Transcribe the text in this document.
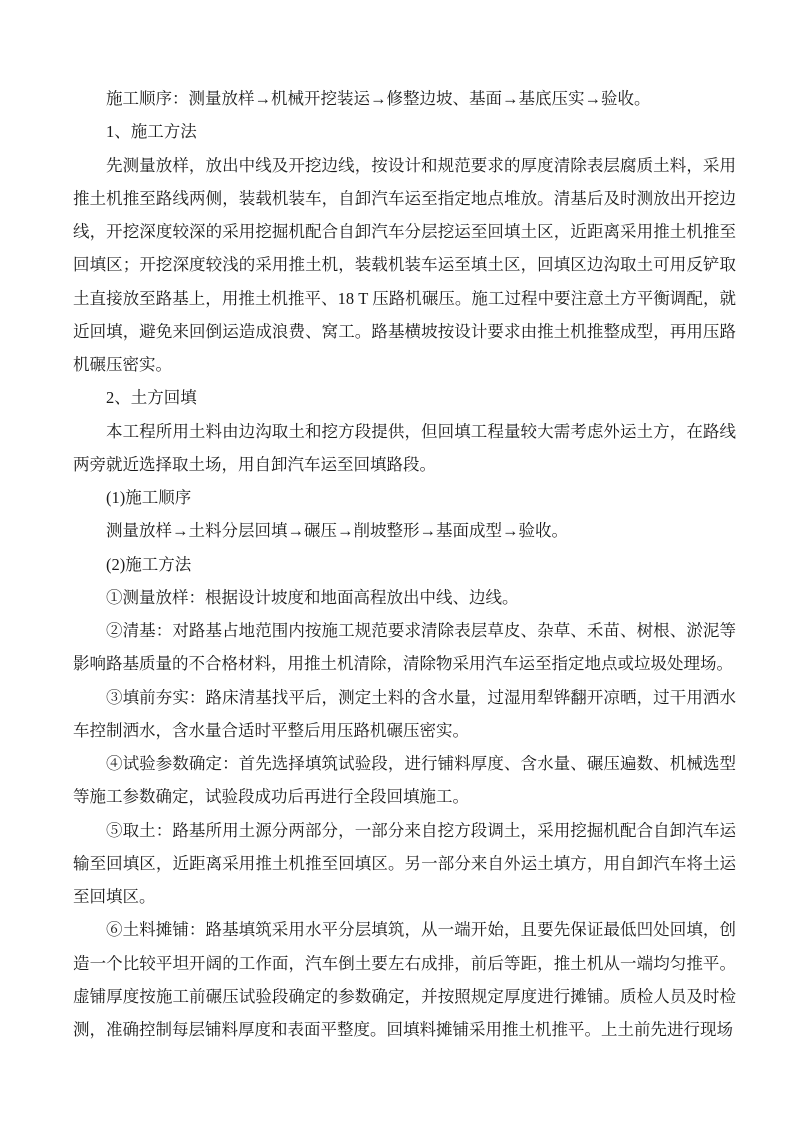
施工顺序：测量放样→机械开挖装运→修整边坡、基面→基底压实→验收。

1、施工方法

先测量放样，放出中线及开挖边线，按设计和规范要求的厚度清除表层腐质土料，采用推土机推至路线两侧，装载机装车，自卸汽车运至指定地点堆放。清基后及时测放出开挖边线，开挖深度较深的采用挖掘机配合自卸汽车分层挖运至回填土区，近距离采用推土机推至回填区；开挖深度较浅的采用推土机，装载机装车运至填土区，回填区边沟取土可用反铲取土直接放至路基上，用推土机推平、18 T 压路机碾压。施工过程中要注意土方平衡调配，就近回填，避免来回倒运造成浪费、窝工。路基横坡按设计要求由推土机推整成型，再用压路机碾压密实。

2、土方回填

本工程所用土料由边沟取土和挖方段提供，但回填工程量较大需考虑外运土方，在路线两旁就近选择取土场，用自卸汽车运至回填路段。

(1)施工顺序

测量放样→土料分层回填→碾压→削坡整形→基面成型→验收。

(2)施工方法

①测量放样：根据设计坡度和地面高程放出中线、边线。

②清基：对路基占地范围内按施工规范要求清除表层草皮、杂草、禾苗、树根、淤泥等影响路基质量的不合格材料，用推土机清除，清除物采用汽车运至指定地点或垃圾处理场。

③填前夯实：路床清基找平后，测定土料的含水量，过湿用犁铧翻开凉晒，过干用洒水车控制洒水，含水量合适时平整后用压路机碾压密实。

④试验参数确定：首先选择填筑试验段，进行铺料厚度、含水量、碾压遍数、机械选型等施工参数确定，试验段成功后再进行全段回填施工。

⑤取土：路基所用土源分两部分，一部分来自挖方段调土，采用挖掘机配合自卸汽车运输至回填区，近距离采用推土机推至回填区。另一部分来自外运土填方，用自卸汽车将土运至回填区。

⑥土料摊铺：路基填筑采用水平分层填筑，从一端开始，且要先保证最低凹处回填，创造一个比较平坦开阔的工作面，汽车倒土要左右成排，前后等距，推土机从一端均匀推平。虚铺厚度按施工前碾压试验段确定的参数确定，并按照规定厚度进行摊铺。质检人员及时检测，准确控制每层铺料厚度和表面平整度。回填料摊铺采用推土机推平。上土前先进行现场
